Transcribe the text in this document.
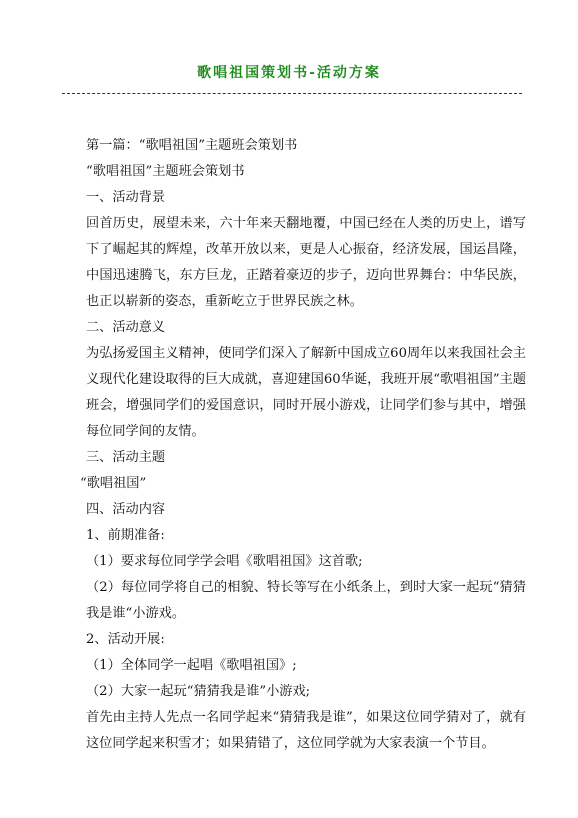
歌唱祖国策划书-活动方案

第一篇：“歌唱祖国”主题班会策划书

“歌唱祖国”主题班会策划书

一、活动背景

回首历史，展望未来，六十年来天翻地覆，中国已经在人类的历史上，谱写下了崛起其的辉煌，改革开放以来，更是人心振奋，经济发展，国运昌隆，中国迅速腾飞，东方巨龙，正踏着豪迈的步子，迈向世界舞台：中华民族，也正以崭新的姿态，重新屹立于世界民族之林。

二、活动意义

为弘扬爱国主义精神，使同学们深入了解新中国成立60周年以来我国社会主义现代化建设取得的巨大成就，喜迎建国60华诞，我班开展“歌唱祖国”主题班会，增强同学们的爱国意识，同时开展小游戏，让同学们参与其中，增强每位同学间的友情。

三、活动主题

“歌唱祖国”

四、活动内容

1、前期准备:

（1）要求每位同学学会唱《歌唱祖国》这首歌;

（2）每位同学将自己的相貌、特长等写在小纸条上，到时大家一起玩“猜猜我是谁“小游戏。

2、活动开展:

（1）全体同学一起唱《歌唱祖国》;

（2）大家一起玩“猜猜我是谁”小游戏;

首先由主持人先点一名同学起来“猜猜我是谁”，如果这位同学猜对了，就有这位同学起来积雪才；如果猜错了，这位同学就为大家表演一个节目。
